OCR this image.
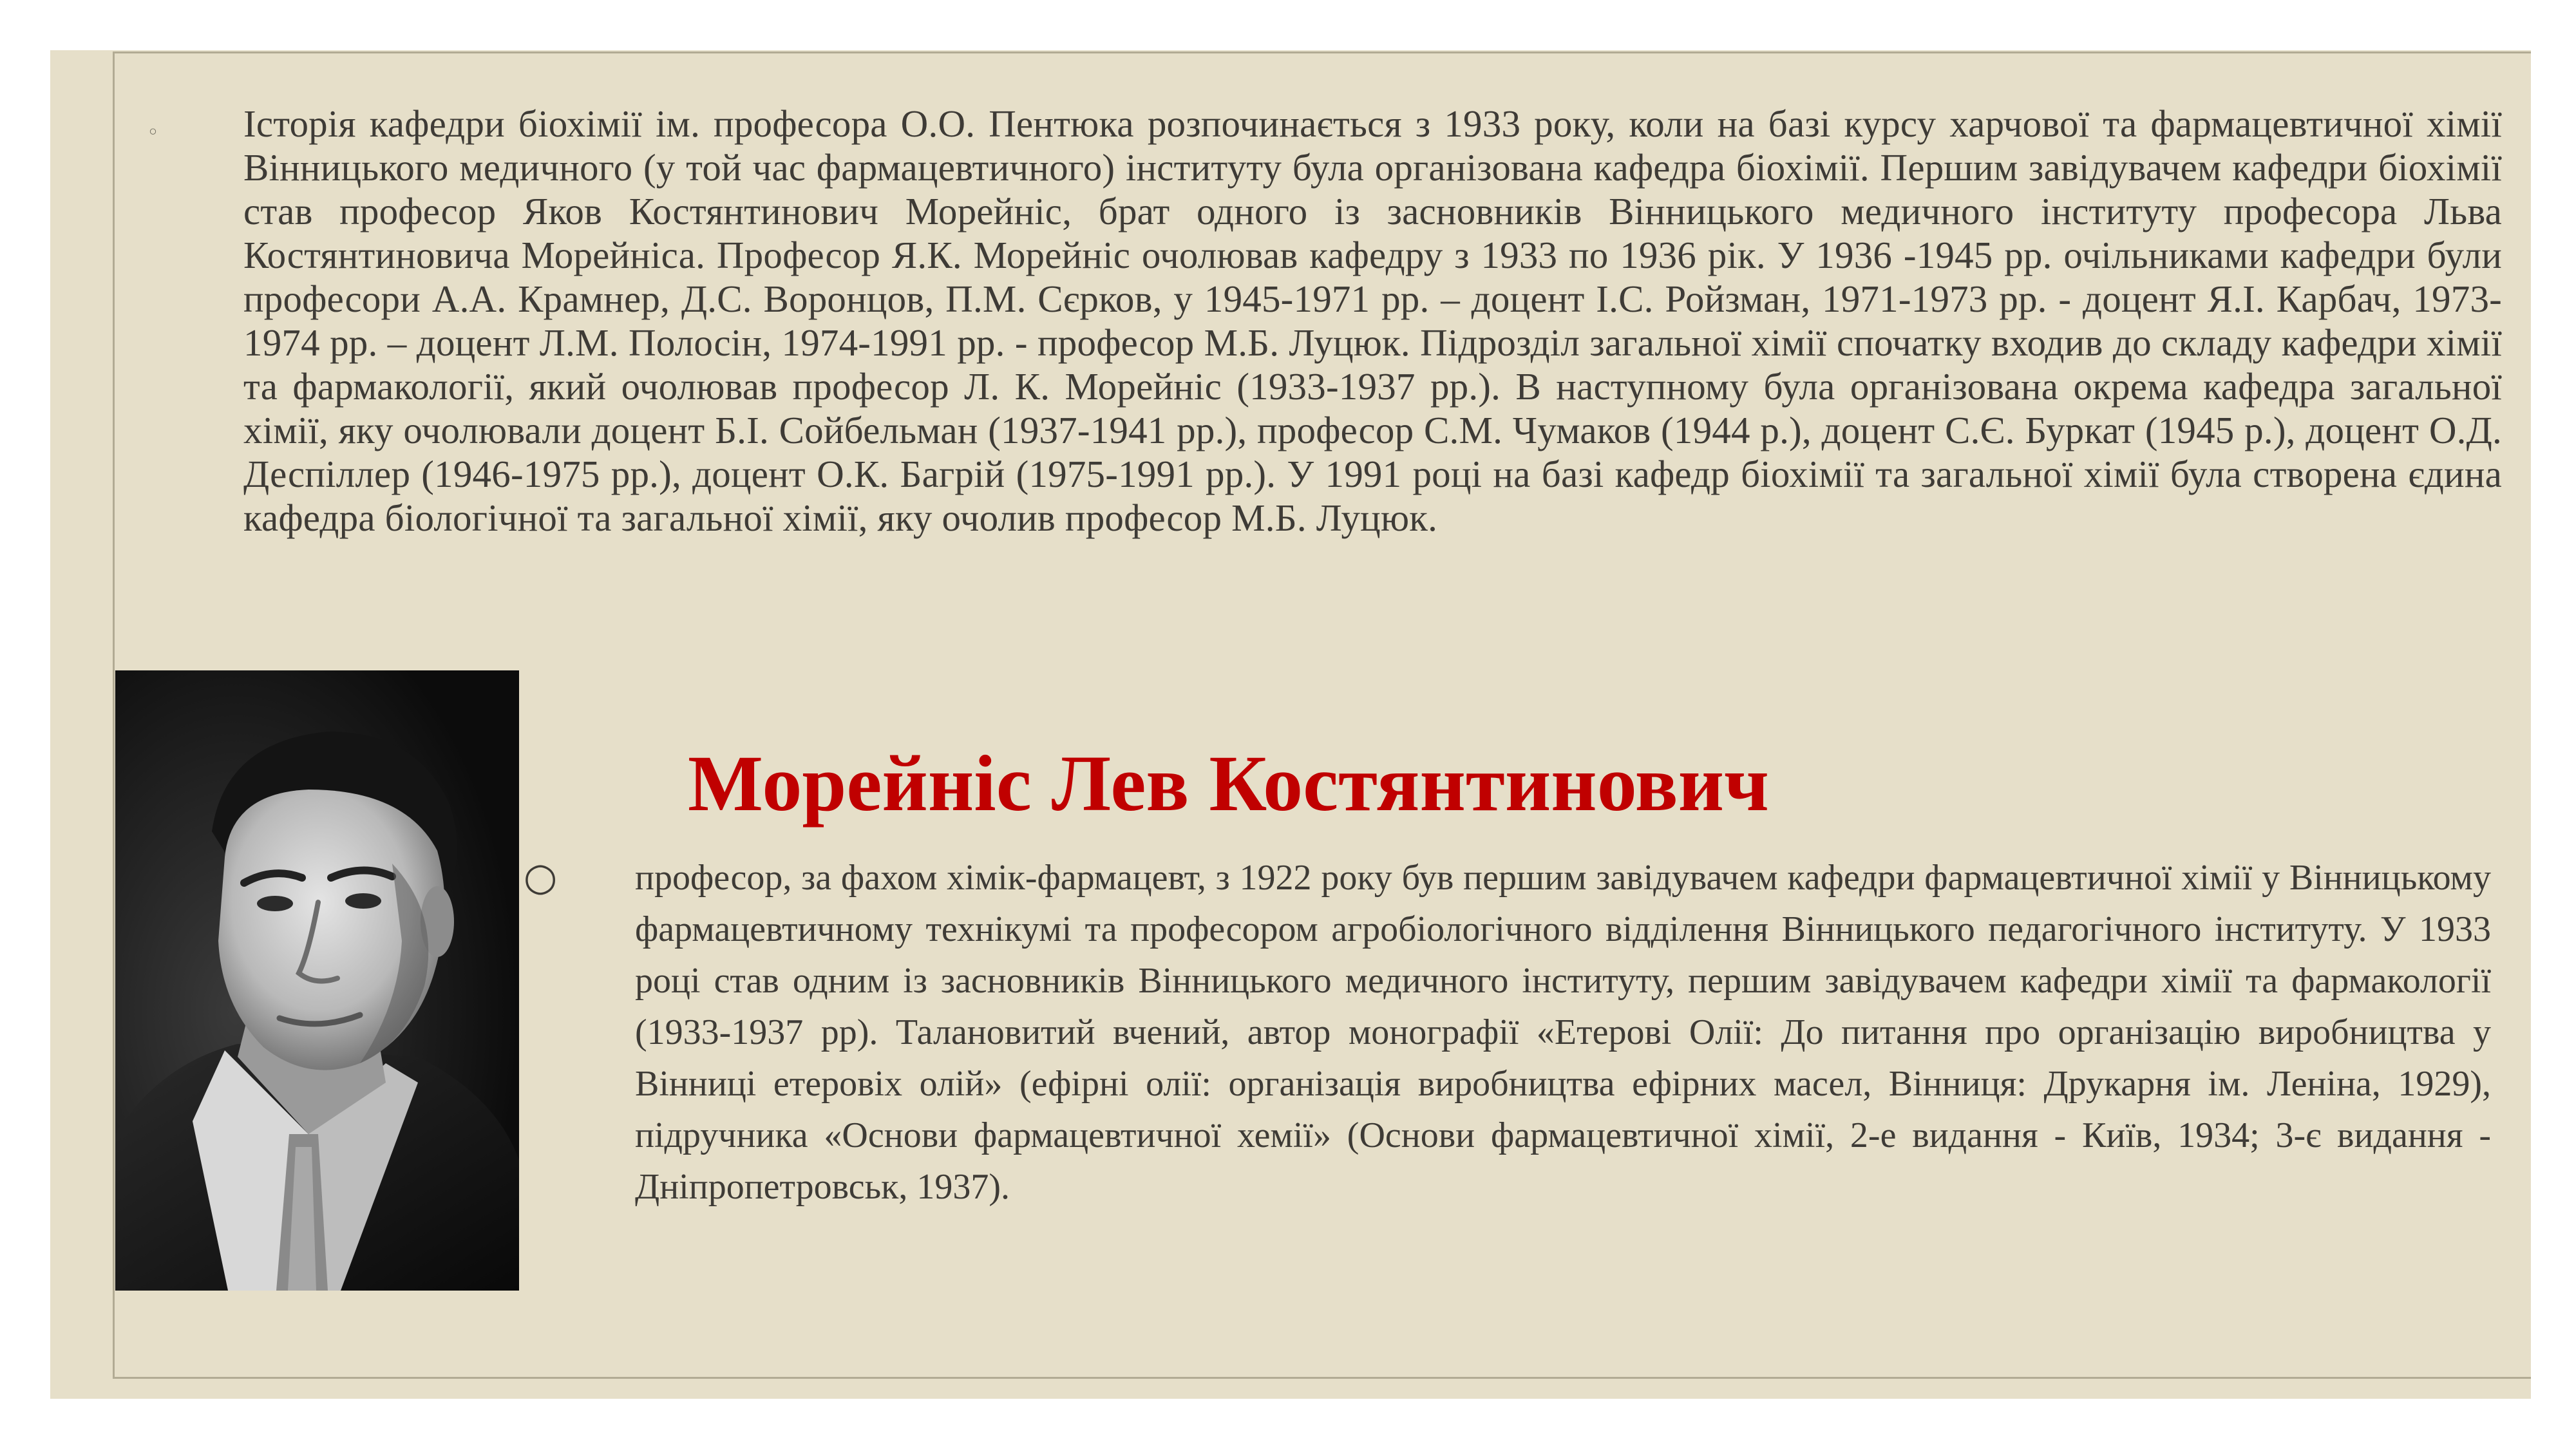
◦ Історія кафедри біохімії ім. професора О.О. Пентюка розпочинається з 1933 року, коли на базі курсу харчової та фармацевтичної хімії Вінницького медичного (у той час фармацевтичного) інституту була організована кафедра біохімії. Першим завідувачем кафедри біохімії став професор Яков Костянтинович Морейніс, брат одного із засновників Вінницького медичного інституту професора Льва Костянтиновича Морейніса. Професор Я.К. Морейніс очолював кафедру з 1933 по 1936 рік. У 1936 -1945 рр. очільниками кафедри були професори А.А. Крамнер, Д.С. Воронцов, П.М. Сєрков, у 1945-1971 рр. – доцент І.С. Ройзман, 1971-1973 рр. - доцент Я.І. Карбач, 1973-1974 рр. – доцент Л.М. Полосін, 1974-1991 рр. - професор М.Б. Луцюк. Підрозділ загальної хімії спочатку входив до складу кафедри хімії та фармакології, який очолював професор Л. К. Морейніс (1933-1937 рр.). В наступному була організована окрема кафедра загальної хімії, яку очолювали доцент Б.І. Сойбельман (1937-1941 рр.), професор С.М. Чумаков (1944 р.), доцент С.Є. Буркат (1945 р.), доцент О.Д. Деспіллер (1946-1975 рр.), доцент О.К. Багрій (1975-1991 рр.). У 1991 році на базі кафедр біохімії та загальної хімії була створена єдина кафедра біологічної та загальної хімії, яку очолив професор М.Б. Луцюк.

Морейніс Лев Костянтинович
○ професор, за фахом хімік-фармацевт, з 1922 року був першим завідувачем кафедри фармацевтичної хімії у Вінницькому фармацевтичному технікумі та професором агробіологічного відділення Вінницького педагогічного інституту. У 1933 році став одним із засновників Вінницького медичного інституту, першим завідувачем кафедри хімії та фармакології (1933-1937 рр). Талановитий вчений, автор монографії «Етерові Олії: До питання про організацію виробництва у Вінниці етеровіх олій» (ефірні олії: організація виробництва ефірних масел, Вінниця: Друкарня ім. Леніна, 1929), підручника «Основи фармацевтичної хемії» (Основи фармацевтичної хімії, 2-е видання - Київ, 1934; 3-є видання - Дніпропетровськ, 1937).
